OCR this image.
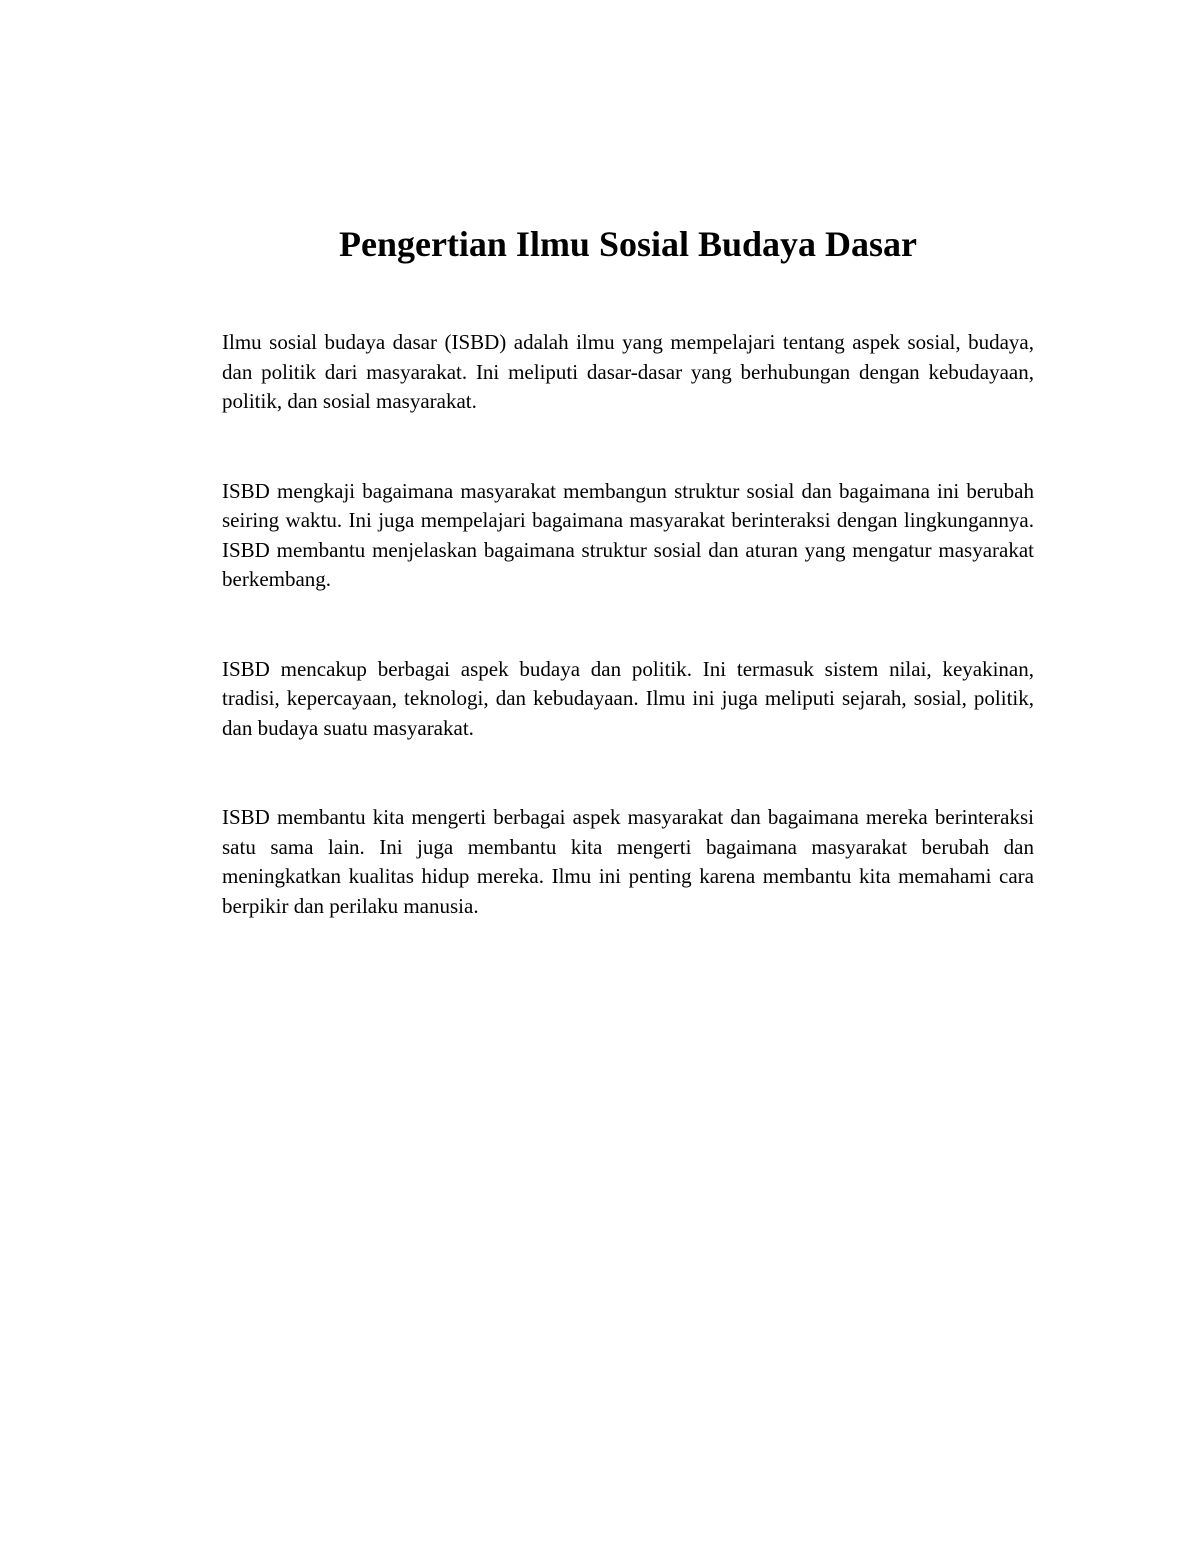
Pengertian Ilmu Sosial Budaya Dasar

Ilmu sosial budaya dasar (ISBD) adalah ilmu yang mempelajari tentang aspek sosial, budaya, dan politik dari masyarakat. Ini meliputi dasar-dasar yang berhubungan dengan kebudayaan, politik, dan sosial masyarakat.

ISBD mengkaji bagaimana masyarakat membangun struktur sosial dan bagaimana ini berubah seiring waktu. Ini juga mempelajari bagaimana masyarakat berinteraksi dengan lingkungannya. ISBD membantu menjelaskan bagaimana struktur sosial dan aturan yang mengatur masyarakat berkembang.

ISBD mencakup berbagai aspek budaya dan politik. Ini termasuk sistem nilai, keyakinan, tradisi, kepercayaan, teknologi, dan kebudayaan. Ilmu ini juga meliputi sejarah, sosial, politik, dan budaya suatu masyarakat.

ISBD membantu kita mengerti berbagai aspek masyarakat dan bagaimana mereka berinteraksi satu sama lain. Ini juga membantu kita mengerti bagaimana masyarakat berubah dan meningkatkan kualitas hidup mereka. Ilmu ini penting karena membantu kita memahami cara berpikir dan perilaku manusia.
